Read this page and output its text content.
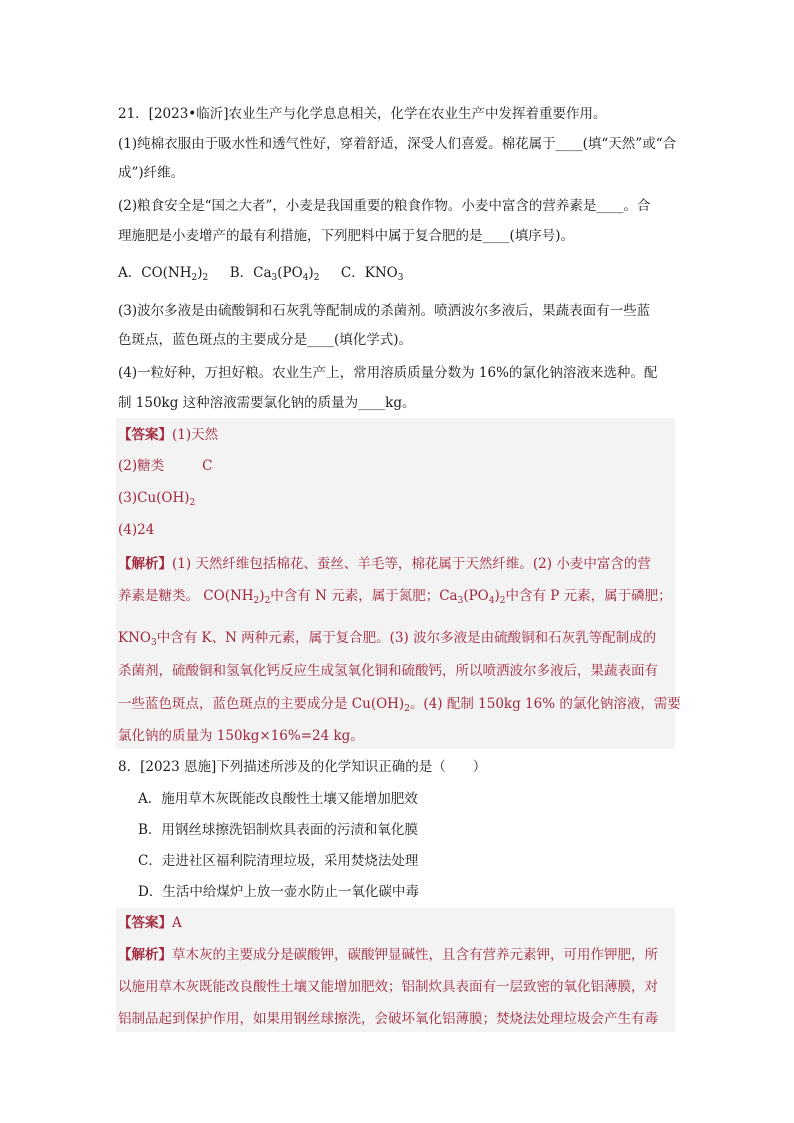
21．[2023•临沂]农业生产与化学息息相关，化学在农业生产中发挥着重要作用。
(1)纯棉衣服由于吸水性和透气性好，穿着舒适，深受人们喜爱。棉花属于____(填“天然”或“合
成”)纤维。
(2)粮食安全是“国之大者”，小麦是我国重要的粮食作物。小麦中富含的营养素是____。合
理施肥是小麦增产的最有利措施，下列肥料中属于复合肥的是____(填序号)。
A．$CO(NH_2)_2$ B．$Ca_3(PO_4)_2$ C．$KNO_3$
(3)波尔多液是由硫酸铜和石灰乳等配制成的杀菌剂。喷洒波尔多液后，果蔬表面有一些蓝
色斑点，蓝色斑点的主要成分是____(填化学式)。
(4)一粒好种，万担好粮。农业生产上，常用溶质质量分数为 16%的氯化钠溶液来选种。配
制 150kg 这种溶液需要氯化钠的质量为____kg。
【答案】(1)天然
(2)糖类	C
$(3)Cu(OH)_2$
(4)24
【解析】(1) 天然纤维包括棉花、蚕丝、羊毛等，棉花属于天然纤维。(2) 小麦中富含的营
养素是糖类。 $CO(NH_2)_2$中含有 N 元素，属于氮肥；$Ca_3(PO_4)_2$中含有 P 元素，属于磷肥；
$KNO_3$中含有 K、N 两种元素，属于复合肥。(3) 波尔多液是由硫酸铜和石灰乳等配制成的
杀菌剂，硫酸铜和氢氧化钙反应生成氢氧化铜和硫酸钙，所以喷洒波尔多液后，果蔬表面有
一些蓝色斑点，蓝色斑点的主要成分是 $Cu(OH)_2$。(4) 配制 150kg 16% 的氯化钠溶液，需要
氯化钠的质量为 150kg×16%=24 kg。
8．[2023 恩施]下列描述所涉及的化学知识正确的是（　　）
A．施用草木灰既能改良酸性土壤又能增加肥效
B．用钢丝球擦洗铝制炊具表面的污渍和氧化膜
C．走进社区福利院清理垃圾，采用焚烧法处理
D．生活中给煤炉上放一壶水防止一氧化碳中毒
【答案】A
【解析】草木灰的主要成分是碳酸钾，碳酸钾显碱性，且含有营养元素钾，可用作钾肥，所
以施用草木灰既能改良酸性土壤又能增加肥效；铝制炊具表面有一层致密的氧化铝薄膜，对
铝制品起到保护作用，如果用钢丝球擦洗，会破坏氧化铝薄膜；焚烧法处理垃圾会产生有毒
